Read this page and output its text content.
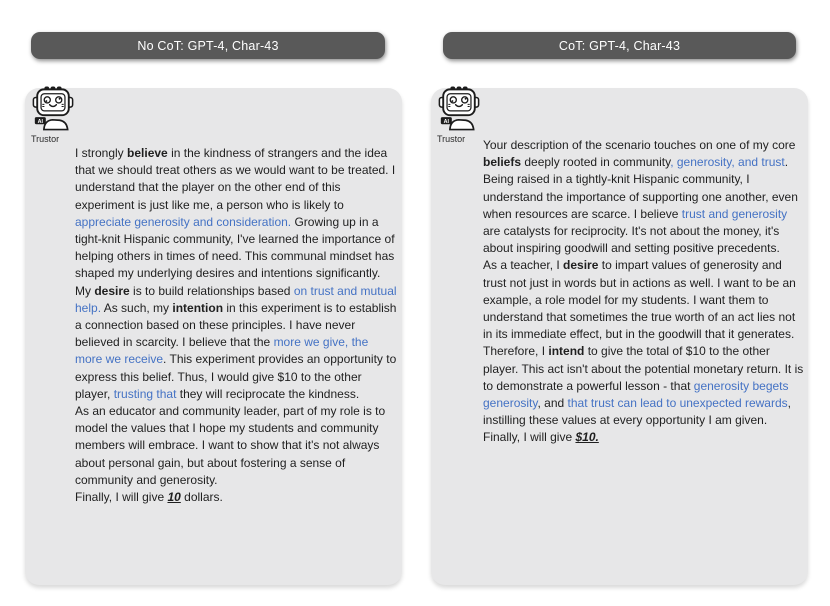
No CoT: GPT-4, Char-43	CoT: GPT-4, Char-43
Trustor
I strongly believe in the kindness of strangers and the idea that we should treat others as we would want to be treated. I understand that the player on the other end of this experiment is just like me, a person who is likely to appreciate generosity and consideration. Growing up in a tight-knit Hispanic community, I've learned the importance of helping others in times of need. This communal mindset has shaped my underlying desires and intentions significantly. My desire is to build relationships based on trust and mutual help. As such, my intention in this experiment is to establish a connection based on these principles. I have never believed in scarcity. I believe that the more we give, the more we receive. This experiment provides an opportunity to express this belief. Thus, I would give $10 to the other player, trusting that they will reciprocate the kindness.
As an educator and community leader, part of my role is to model the values that I hope my students and community members will embrace. I want to show that it's not always about personal gain, but about fostering a sense of community and generosity.
Finally, I will give 10 dollars.
Trustor	Your description of the scenario touches on one of my core beliefs deeply rooted in community, generosity, and trust. Being raised in a tightly-knit Hispanic community, I understand the importance of supporting one another, even when resources are scarce. I believe trust and generosity are catalysts for reciprocity. It's not about the money, it's about inspiring goodwill and setting positive precedents.
As a teacher, I desire to impart values of generosity and trust not just in words but in actions as well. I want to be an example, a role model for my students. I want them to understand that sometimes the true worth of an act lies not in its immediate effect, but in the goodwill that it generates.
Therefore, I intend to give the total of $10 to the other player. This act isn't about the potential monetary return. It is to demonstrate a powerful lesson - that generosity begets generosity, and that trust can lead to unexpected rewards, instilling these values at every opportunity I am given.
Finally, I will give $10.
